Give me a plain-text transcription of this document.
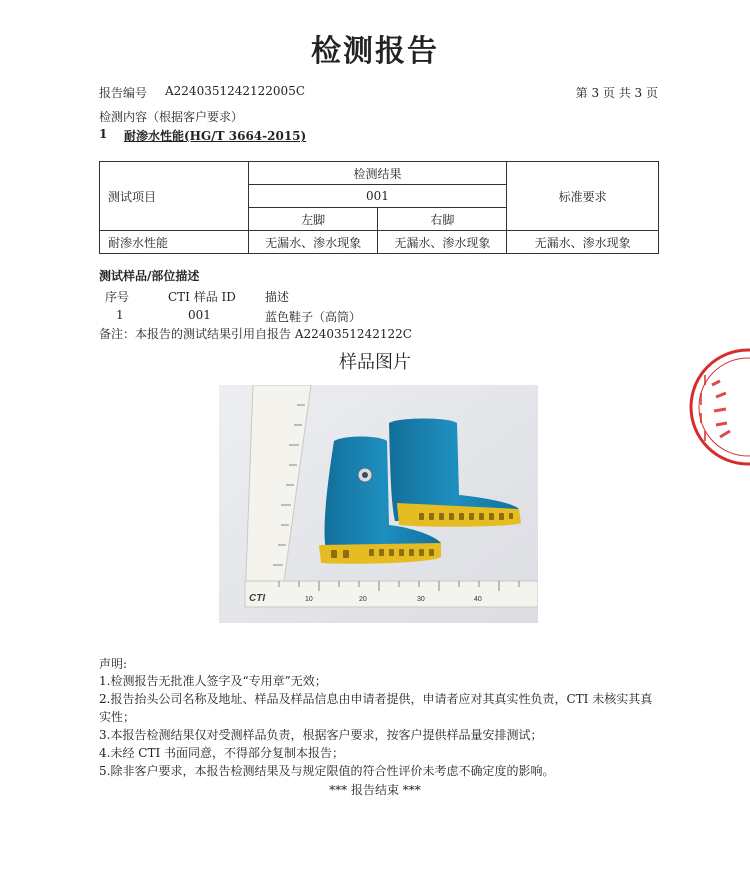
检测报告
报告编号 A2240351242122005C	第 3 页 共 3 页
检测内容（根据客户要求）
1 耐渗水性能(HG/T 3664-2015)
测试项目	检测结果		标准要求
	001		
	左脚	右脚	
耐渗水性能	无漏水、渗水现象	无漏水、渗水现象	无漏水、渗水现象
测试样品/部位描述
序号	CTI 样品 ID 描述
1	001	蓝色鞋子（高筒）
备注：本报告的测试结果引用自报告 A2240351242122C
样品图片
CTI	10	20	30	40
声明:
1.检测报告无批准人签字及“专用章”无效；
2.报告抬头公司名称及地址、样品及样品信息由申请者提供，申请者应对其真实性负责，CTI 未核实其真
实性；
3.本报告检测结果仅对受测样品负责，根据客户要求，按客户提供样品量安排测试；
4.未经 CTI 书面同意，不得部分复制本报告；
5.除非客户要求，本报告检测结果及与规定限值的符合性评价未考虑不确定度的影响。
*** 报告结束 ***
